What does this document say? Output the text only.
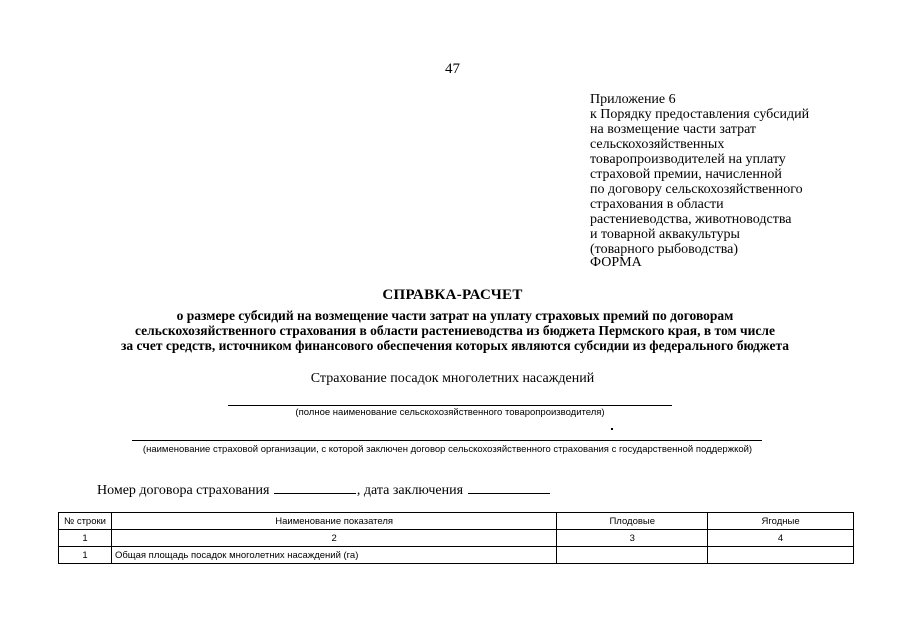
47
Приложение 6
к Порядку предоставления субсидий
на возмещение части затрат
сельскохозяйственных
товаропроизводителей на уплату
страховой премии, начисленной
по договору сельскохозяйственного
страхования в области
растениеводства, животноводства
и товарной аквакультуры
(товарного рыбоводства)
ФОРМА
СПРАВКА-РАСЧЕТ
о размере субсидий на возмещение части затрат на уплату страховых премий по договорам
сельскохозяйственного страхования в области растениеводства из бюджета Пермского края, в том числе
за счет средств, источником финансового обеспечения которых являются субсидии из федерального бюджета
Страхование посадок многолетних насаждений
(полное наименование сельскохозяйственного товаропроизводителя)
(наименование страховой организации, с которой заключен договор сельскохозяйственного страхования с государственной поддержкой)
Номер договора страхования	, дата заключения
№ строки	Наименование показателя	Плодовые	Ягодные
1	2	3	4
1	Общая площадь посадок многолетних насаждений (га)		
